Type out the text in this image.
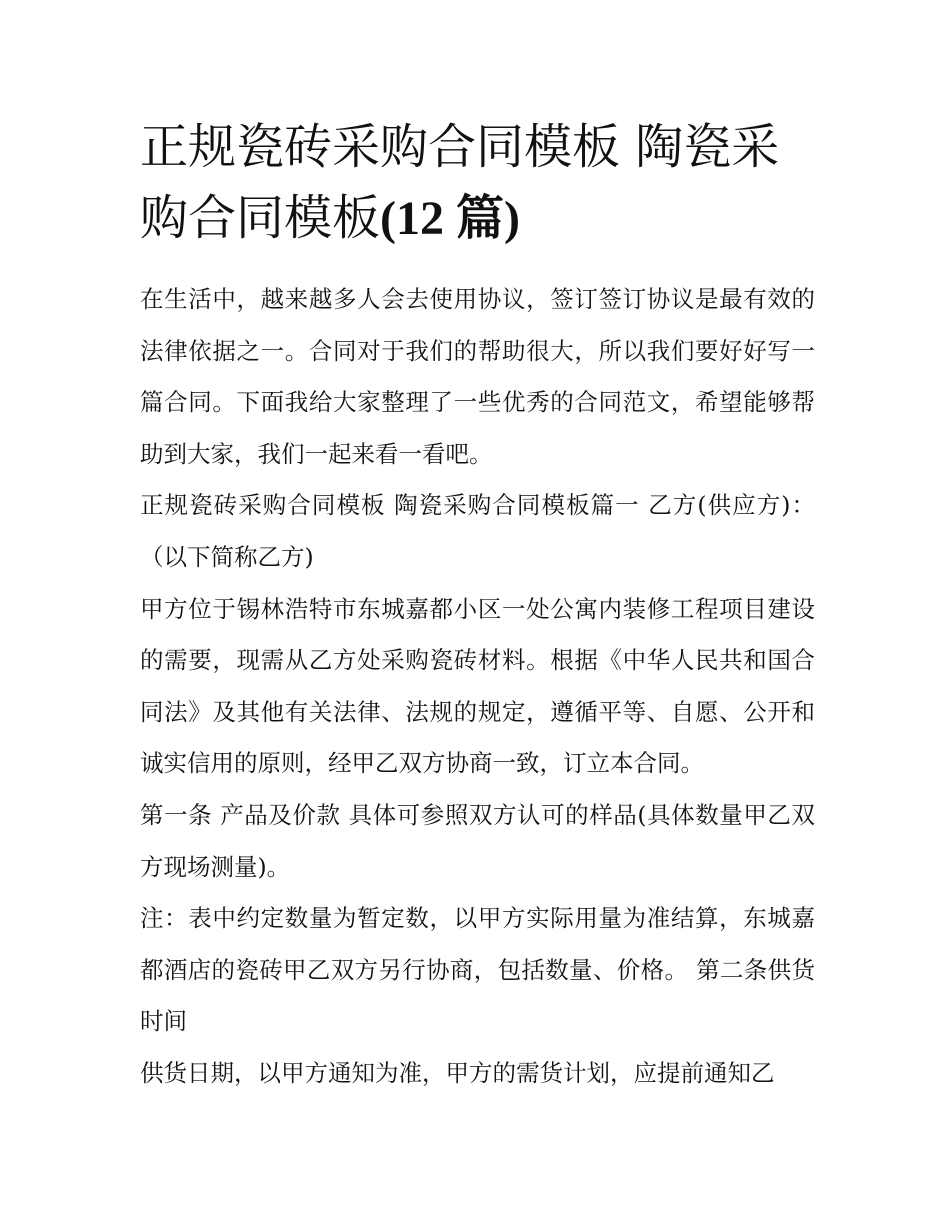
正规瓷砖采购合同模板 陶瓷采购合同模板(12 篇)

在生活中，越来越多人会去使用协议，签订签订协议是最有效的法律依据之一。合同对于我们的帮助很大，所以我们要好好写一篇合同。下面我给大家整理了一些优秀的合同范文，希望能够帮助到大家，我们一起来看一看吧。

正规瓷砖采购合同模板 陶瓷采购合同模板篇一 乙方(供应方)：（以下简称乙方)

甲方位于锡林浩特市东城嘉都小区一处公寓内装修工程项目建设的需要，现需从乙方处采购瓷砖材料。根据《中华人民共和国合同法》及其他有关法律、法规的规定，遵循平等、自愿、公开和诚实信用的原则，经甲乙双方协商一致，订立本合同。

第一条 产品及价款 具体可参照双方认可的样品(具体数量甲乙双方现场测量)。

注：表中约定数量为暂定数，以甲方实际用量为准结算，东城嘉都酒店的瓷砖甲乙双方另行协商，包括数量、价格。 第二条供货时间

供货日期，以甲方通知为准，甲方的需货计划，应提前通知乙
